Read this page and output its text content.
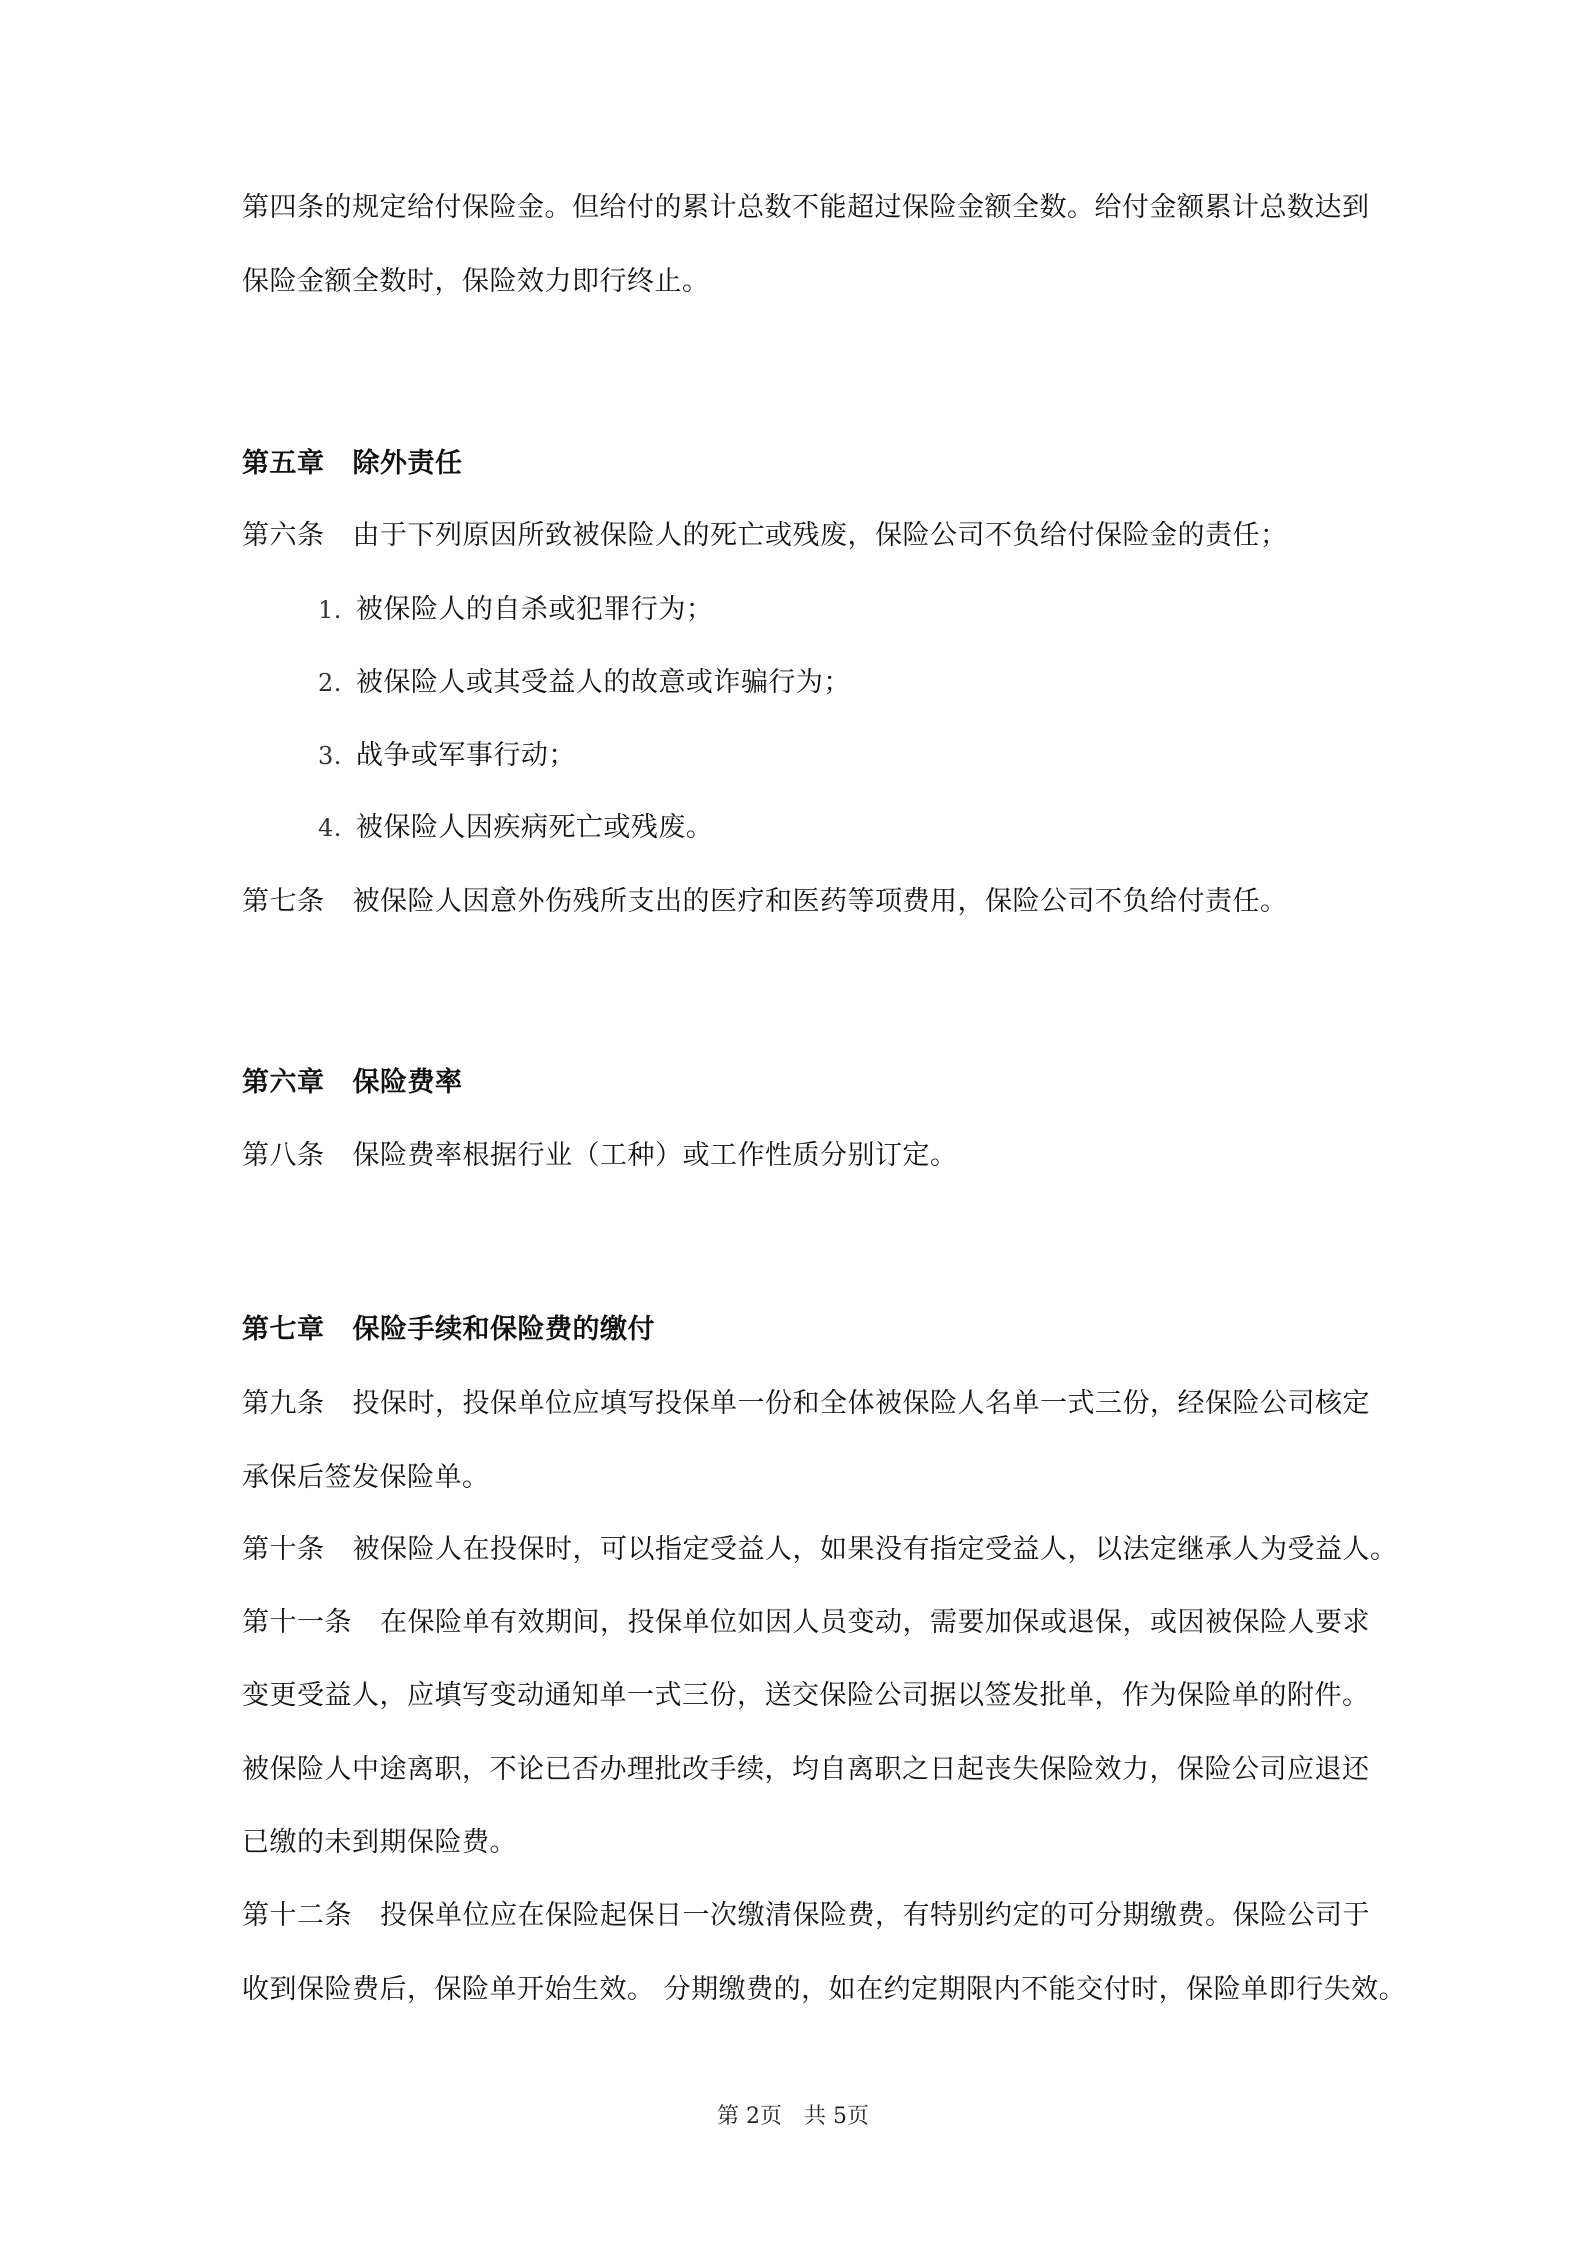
第四条的规定给付保险金。但给付的累计总数不能超过保险金额全数。给付金额累计总数达到
保险金额全数时，保险效力即行终止。
第五章 除外责任
第六条 由于下列原因所致被保险人的死亡或残废，保险公司不负给付保险金的责任；
1. 被保险人的自杀或犯罪行为；
2. 被保险人或其受益人的故意或诈骗行为；
3. 战争或军事行动；
4. 被保险人因疾病死亡或残废。
第七条 被保险人因意外伤残所支出的医疗和医药等项费用，保险公司不负给付责任。
第六章 保险费率
第八条 保险费率根据行业（工种）或工作性质分别订定。
第七章 保险手续和保险费的缴付
第九条 投保时，投保单位应填写投保单一份和全体被保险人名单一式三份，经保险公司核定
承保后签发保险单。
第十条 被保险人在投保时，可以指定受益人，如果没有指定受益人，以法定继承人为受益人。
第十一条 在保险单有效期间，投保单位如因人员变动，需要加保或退保，或因被保险人要求
变更受益人，应填写变动通知单一式三份，送交保险公司据以签发批单，作为保险单的附件。
被保险人中途离职，不论已否办理批改手续，均自离职之日起丧失保险效力，保险公司应退还
已缴的未到期保险费。
第十二条 投保单位应在保险起保日一次缴清保险费，有特别约定的可分期缴费。保险公司于
收到保险费后，保险单开始生效。 分期缴费的，如在约定期限内不能交付时，保险单即行失效。
第 2页　共 5页
